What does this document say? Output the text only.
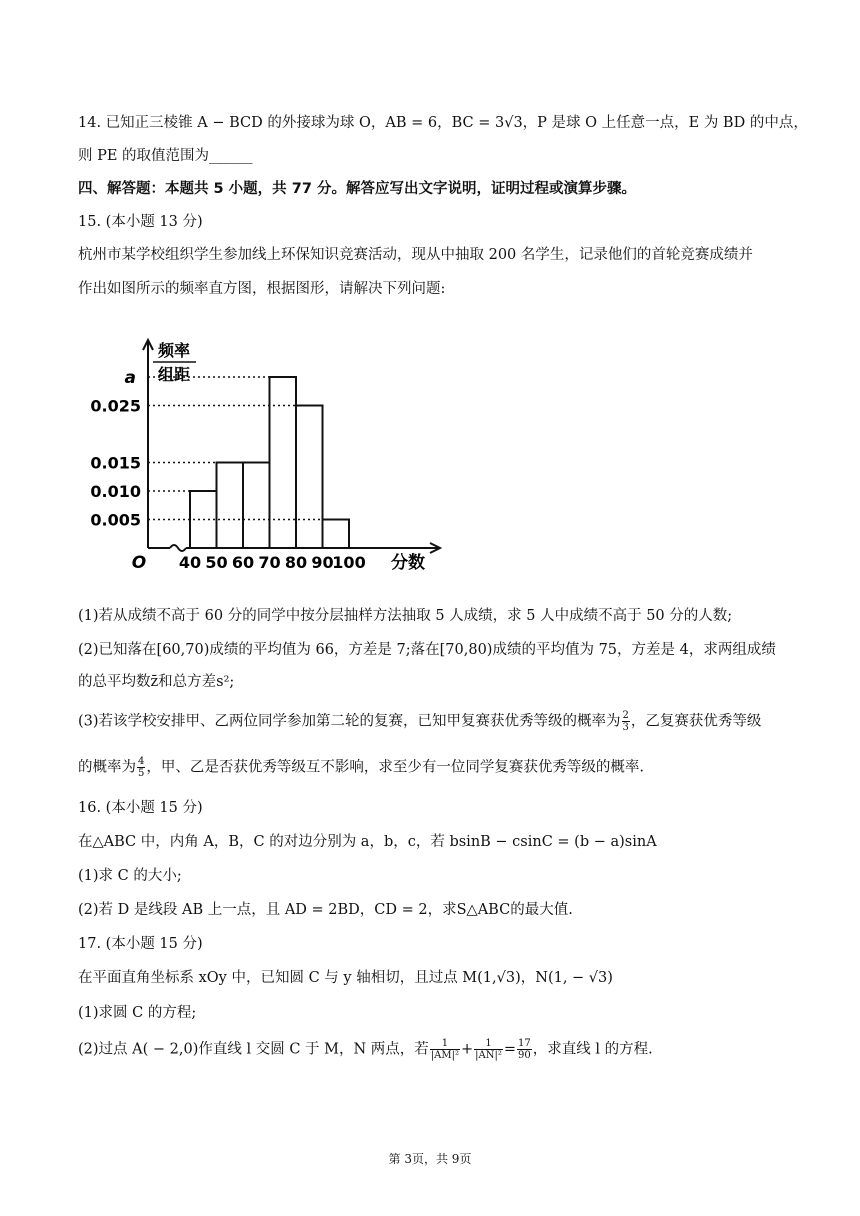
14. 已知正三棱锥 A − BCD 的外接球为球 O，AB = 6，BC = 3√3，P 是球 O 上任意一点，E 为 BD 的中点，
则 PE 的取值范围为______
四、解答题：本题共 5 小题，共 77 分。解答应写出文字说明，证明过程或演算步骤。
15. (本小题 13 分)
杭州市某学校组织学生参加线上环保知识竞赛活动，现从中抽取 200 名学生，记录他们的首轮竞赛成绩并
作出如图所示的频率直方图，根据图形，请解决下列问题:
频率
组距
0.005
0.010
0.015
0.025
a
40 50 60 70 80 90
100 分数
O
(1)若从成绩不高于 60 分的同学中按分层抽样方法抽取 5 人成绩，求 5 人中成绩不高于 50 分的人数;
(2)已知落在[60,70)成绩的平均值为 66，方差是 7;落在[70,80)成绩的平均值为 75，方差是 4，求两组成绩
的总平均数z̄和总方差s²;
(3)若该学校安排甲、乙两位同学参加第二轮的复赛，已知甲复赛获优秀等级的概率为 $\frac{2}{3}$ ，乙复赛获优秀等级
的概率为 $\frac{4}{5}$ ，甲、乙是否获优秀等级互不影响，求至少有一位同学复赛获优秀等级的概率.
16. (本小题 15 分)
在△ABC 中，内角 A，B，C 的对边分别为 a，b，c，若 bsinB − csinC = (b − a)sinA
(1)求 C 的大小;
(2)若 D 是线段 AB 上一点，且 AD = 2BD，CD = 2，求S△ABC的最大值.
17. (本小题 15 分)
在平面直角坐标系 xOy 中，已知圆 C 与 y 轴相切，且过点 M(1,√3)，N(1, − √3)
(1)求圆 C 的方程;
(2)过点 A( − 2,0)作直线 l 交圆 C 于 M，N 两点，若 $\frac{1}{\text{|AM|²}} + \frac{1}{\text{|AN|²}} = \frac{17}{90}$ ，求直线 l 的方程.
第 3页，共 9页
